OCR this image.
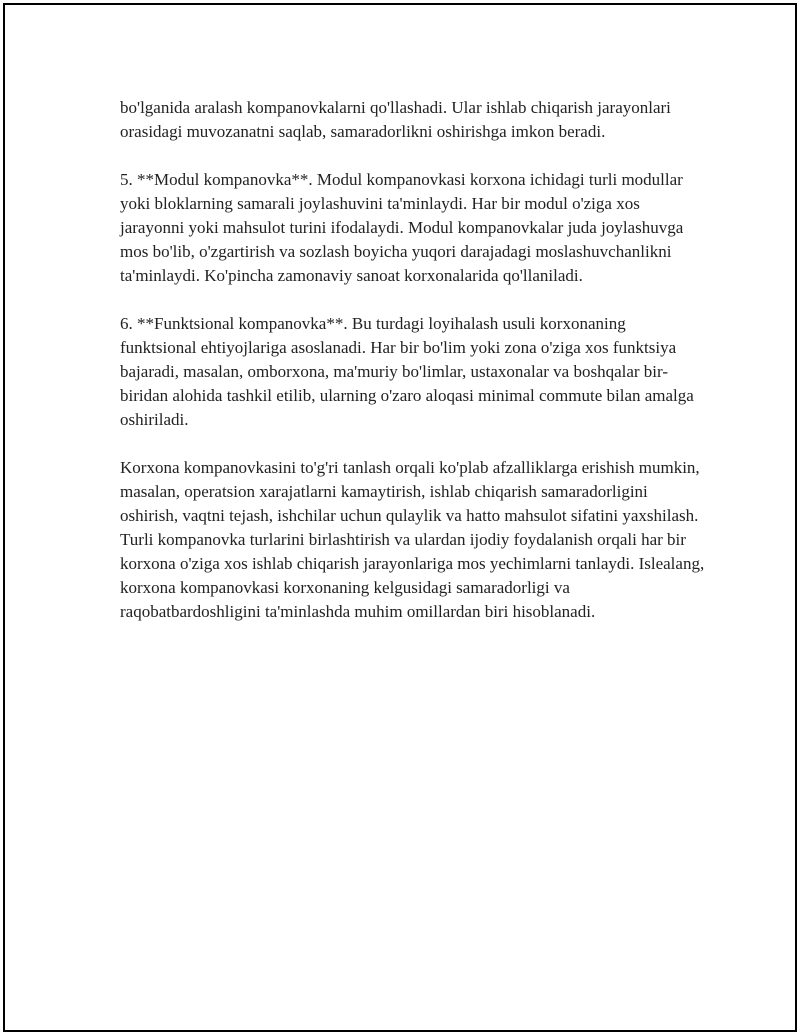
bo'lganida aralash kompanovkalarni qo'llashadi. Ular ishlab chiqarish jarayonlari orasidagi muvozanatni saqlab, samaradorlikni oshirishga imkon beradi.

5. **Modul kompanovka**. Modul kompanovkasi korxona ichidagi turli modullar yoki bloklarning samarali joylashuvini ta'minlaydi. Har bir modul o'ziga xos jarayonni yoki mahsulot turini ifodalaydi. Modul kompanovkalar juda joylashuvga mos bo'lib, o'zgartirish va sozlash boyicha yuqori darajadagi moslashuvchanlikni ta'minlaydi. Ko'pincha zamonaviy sanoat korxonalarida qo'llaniladi.

6. **Funktsional kompanovka**. Bu turdagi loyihalash usuli korxonaning funktsional ehtiyojlariga asoslanadi. Har bir bo'lim yoki zona o'ziga xos funktsiya bajaradi, masalan, omborxona, ma'muriy bo'limlar, ustaxonalar va boshqalar bir-biridan alohida tashkil etilib, ularning o'zaro aloqasi minimal commute bilan amalga oshiriladi.

Korxona kompanovkasini to'g'ri tanlash orqali ko'plab afzalliklarga erishish mumkin, masalan, operatsion xarajatlarni kamaytirish, ishlab chiqarish samaradorligini oshirish, vaqtni tejash, ishchilar uchun qulaylik va hatto mahsulot sifatini yaxshilash. Turli kompanovka turlarini birlashtirish va ulardan ijodiy foydalanish orqali har bir korxona o'ziga xos ishlab chiqarish jarayonlariga mos yechimlarni tanlaydi. Islealang, korxona kompanovkasi korxonaning kelgusidagi samaradorligi va raqobatbardoshligini ta'minlashda muhim omillardan biri hisoblanadi.
